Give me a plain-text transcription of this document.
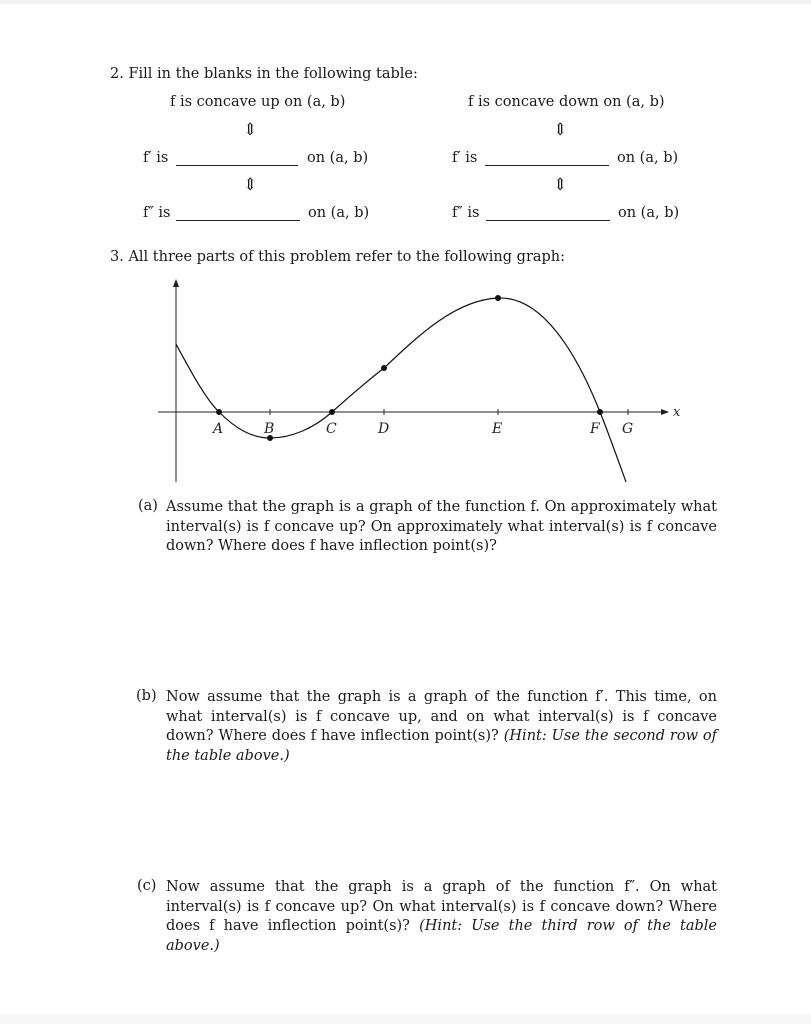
2. Fill in the blanks in the following table:
f is concave up on (a, b)	f is concave down on (a, b)
⇕	⇕
f′ is	on (a, b)	f′ is	on (a, b)
⇕	⇕
f″ is	on (a, b)	f″ is	on (a, b)
3. All three parts of this problem refer to the following graph:
A	B	C	D	E	F G
x
(a) Assume that the graph is a graph of the function f. On approximately what interval(s) is f concave up? On approximately what interval(s) is f concave down? Where does f have inflection point(s)?
(b) Now assume that the graph is a graph of the function f′. This time, on what interval(s) is f concave up, and on what interval(s) is f concave down? Where does f have inflection point(s)? (Hint: Use the second row of the table above.)
(c) Now assume that the graph is a graph of the function f″. On what interval(s) is f concave up? On what interval(s) is f concave down? Where does f have inflection point(s)? (Hint: Use the third row of the table above.)
